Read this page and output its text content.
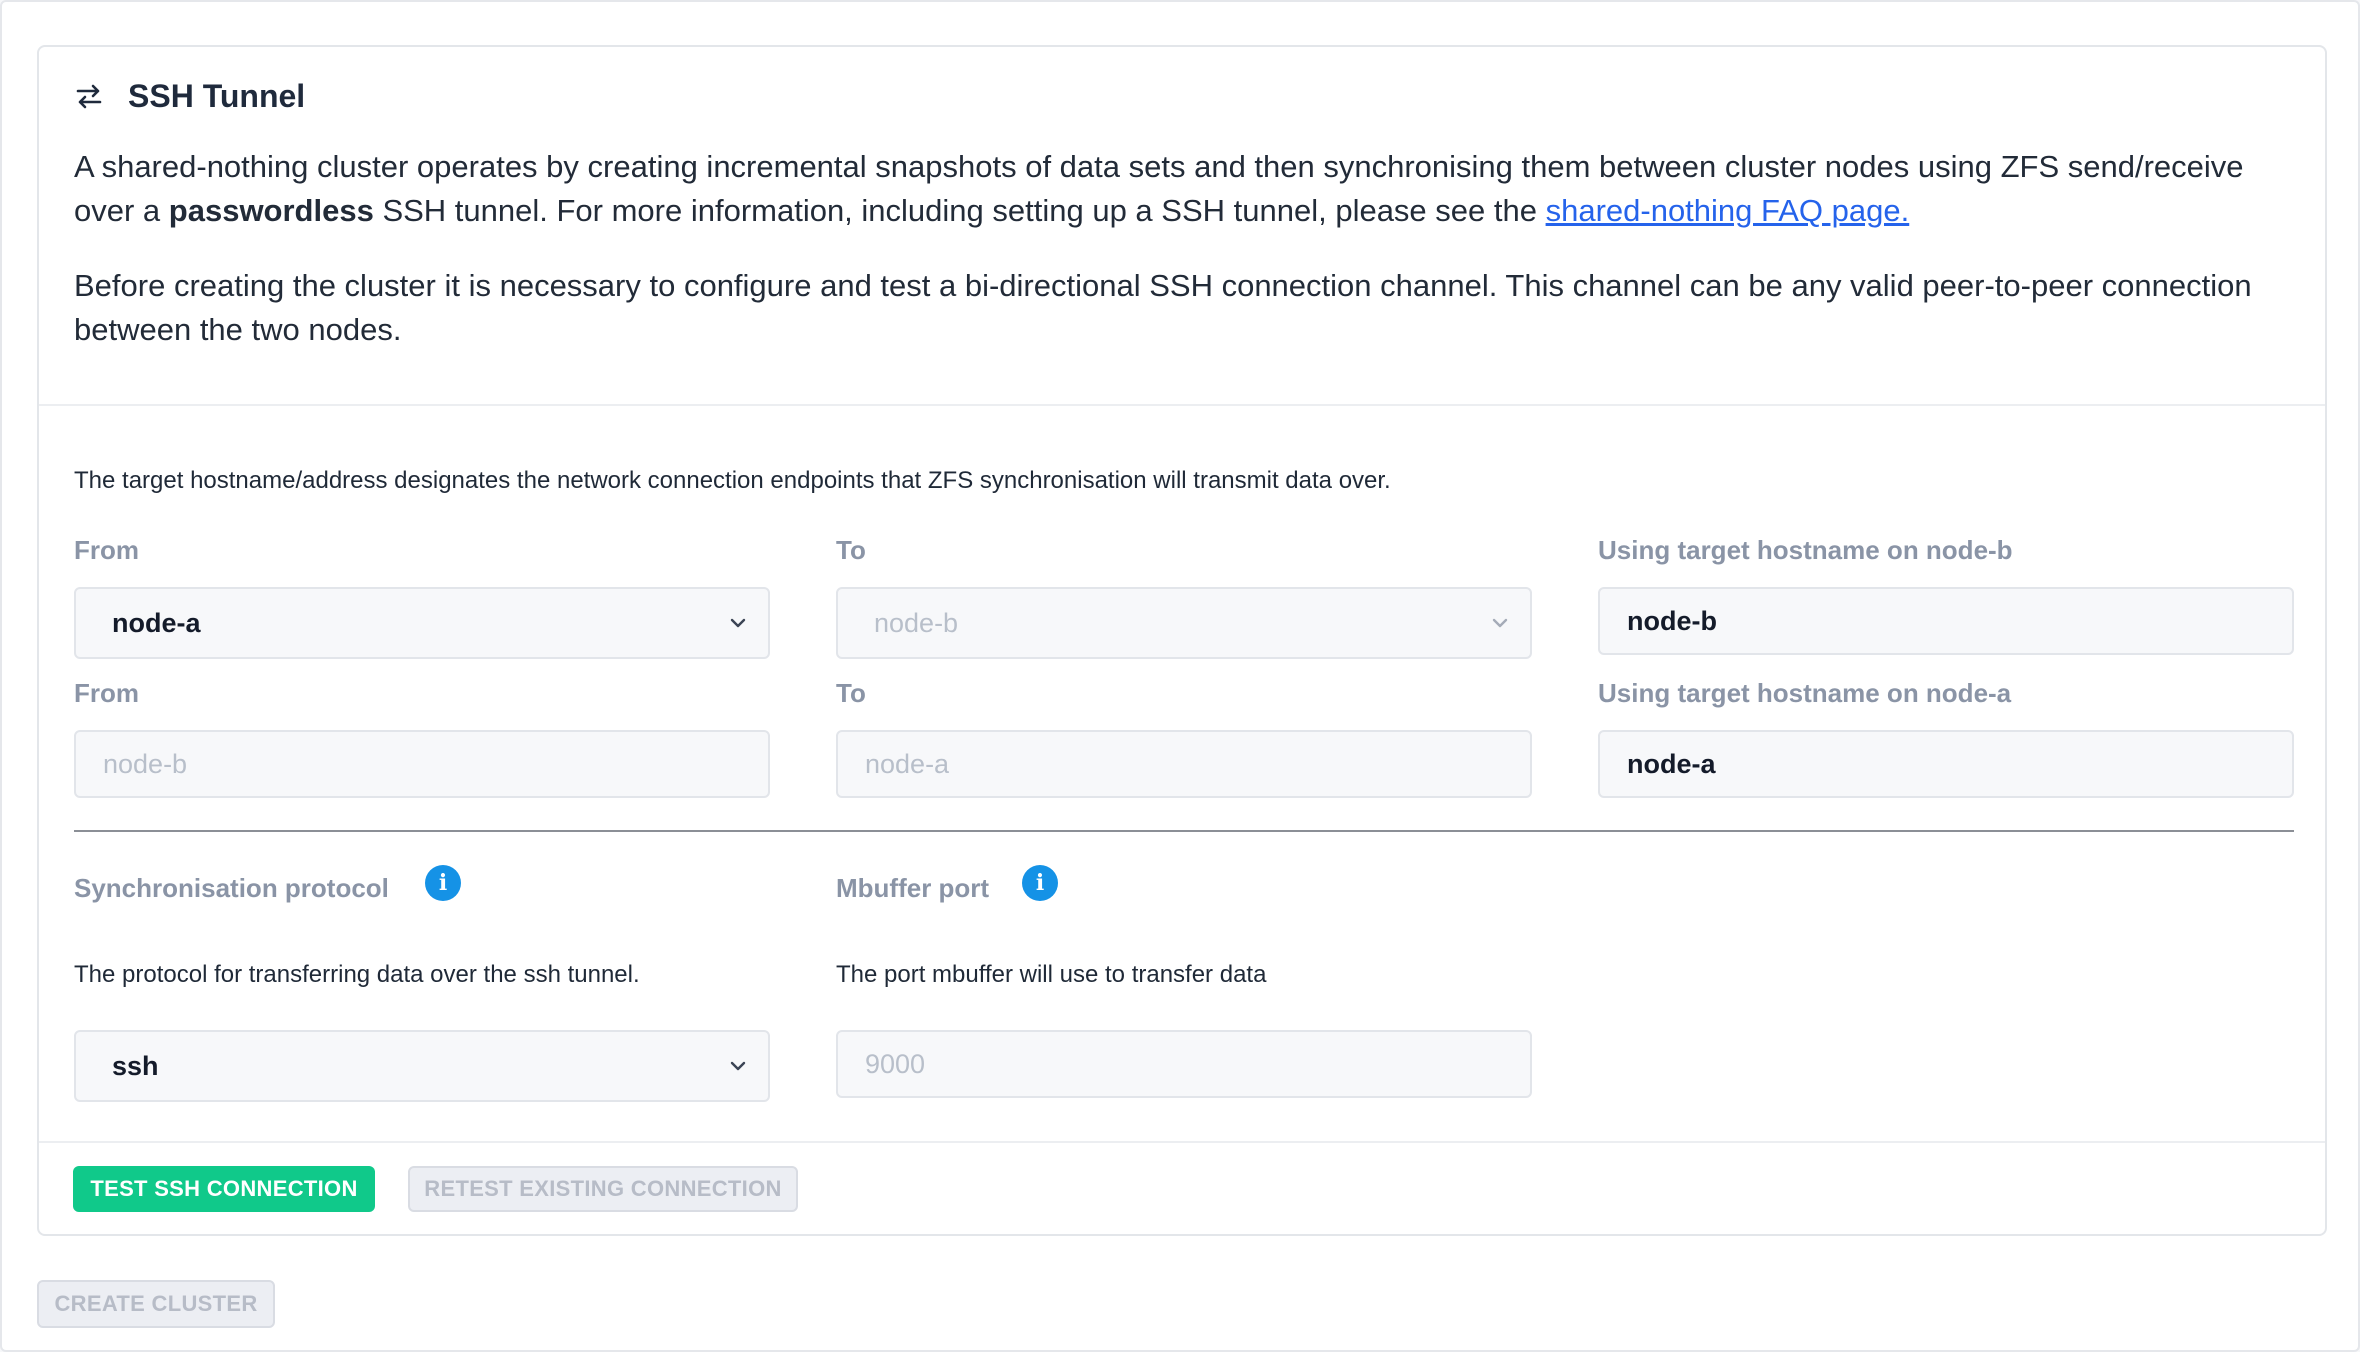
SSH Tunnel

A shared-nothing cluster operates by creating incremental snapshots of data sets and then synchronising them between cluster nodes using ZFS send/receive over a passwordless SSH tunnel. For more information, including setting up a SSH tunnel, please see the shared-nothing FAQ page.

Before creating the cluster it is necessary to configure and test a bi-directional SSH connection channel. This channel can be any valid peer-to-peer connection between the two nodes.

The target hostname/address designates the network connection endpoints that ZFS synchronisation will transmit data over.
From	To	Using target hostname on node-b
node-a	node-b	node-b
From	To	Using target hostname on node-a
node-b	node-a	node-a
Synchronisation protocol	i	Mbuffer port	i
The protocol for transferring data over the ssh tunnel.	The port mbuffer will use to transfer data
ssh	9000
TEST SSH CONNECTION	RETEST EXISTING CONNECTION
CREATE CLUSTER
